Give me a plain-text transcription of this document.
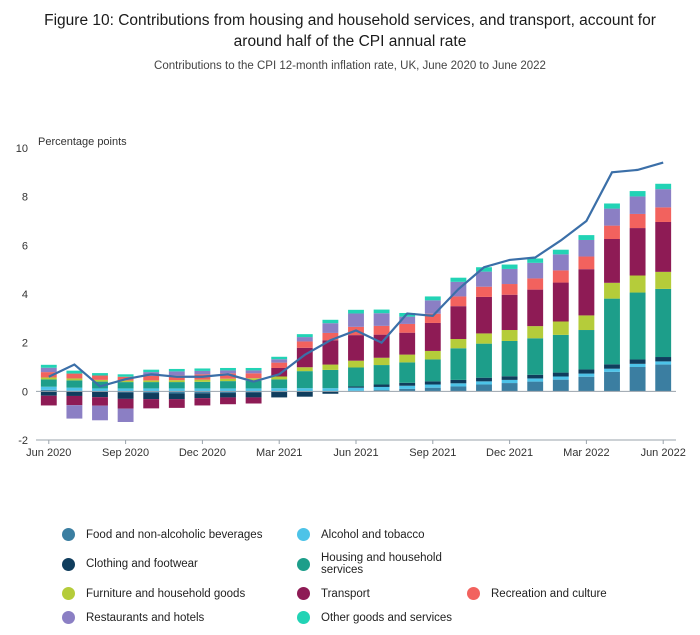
Figure 10: Contributions from housing and household services, and transport, account for around half of the CPI annual rate
Contributions to the CPI 12-month inflation rate, UK, June 2020 to June 2022
Percentage points
-2
0
2
4
6
8
10
Jun 2020	Sep 2020	Dec 2020	Mar 2021	Jun 2021	Sep 2021	Dec 2021	Mar 2022	Jun 2022
Food and non-alcoholic beverages	Alcohol and tobacco
Clothing and footwear	Housing and household services
Furniture and household goods	Transport	Recreation and culture
Restaurants and hotels	Other goods and services
